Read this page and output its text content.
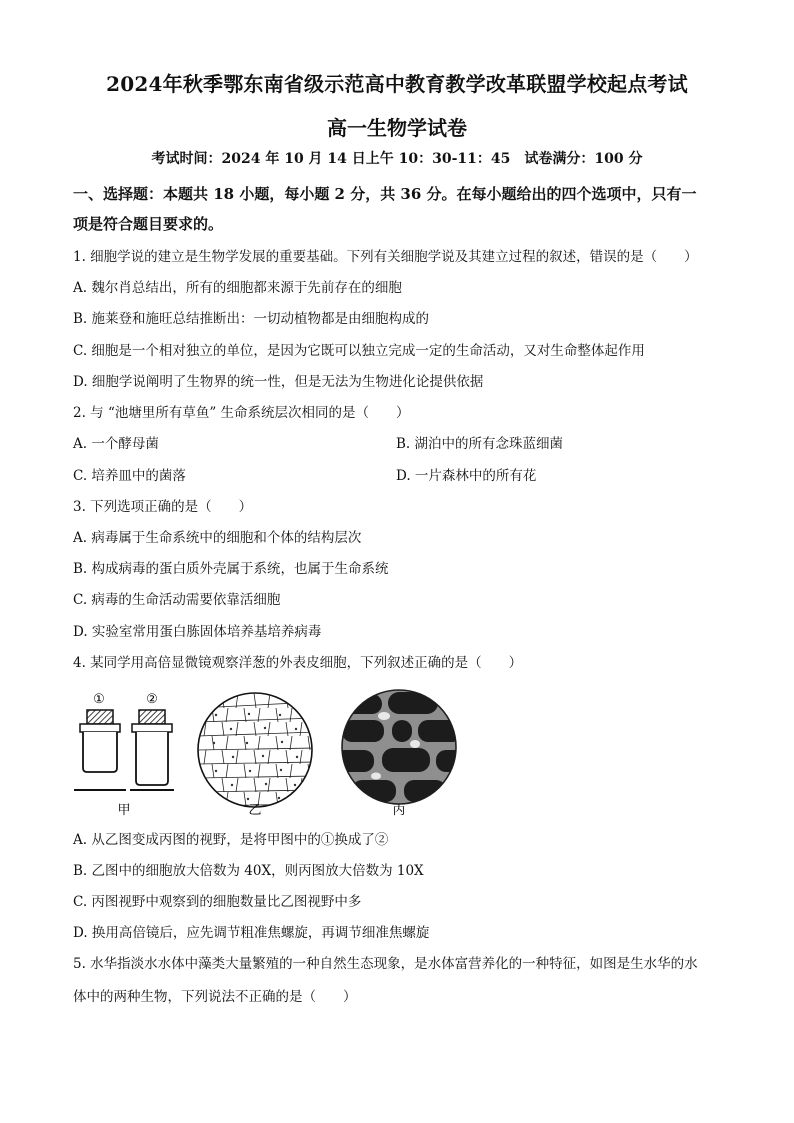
2024年秋季鄂东南省级示范高中教育教学改革联盟学校起点考试
高一生物学试卷
考试时间：2024 年 10 月 14 日上午 10：30-11：45　试卷满分：100 分
一、选择题：本题共 18 小题，每小题 2 分，共 36 分。在每小题给出的四个选项中，只有一
项是符合题目要求的。
1. 细胞学说的建立是生物学发展的重要基础。下列有关细胞学说及其建立过程的叙述，错误的是（　　）
A. 魏尔肖总结出，所有的细胞都来源于先前存在的细胞
B. 施莱登和施旺总结推断出：一切动植物都是由细胞构成的
C. 细胞是一个相对独立的单位，是因为它既可以独立完成一定的生命活动，又对生命整体起作用
D. 细胞学说阐明了生物界的统一性，但是无法为生物进化论提供依据
2. 与 “池塘里所有草鱼” 生命系统层次相同的是（　　）
A. 一个酵母菌	B. 湖泊中的所有念珠蓝细菌
C. 培养皿中的菌落	D. 一片森林中的所有花
3. 下列选项正确的是（　　）
A. 病毒属于生命系统中的细胞和个体的结构层次
B. 构成病毒的蛋白质外壳属于系统，也属于生命系统
C. 病毒的生命活动需要依靠活细胞
D. 实验室常用蛋白胨固体培养基培养病毒
4. 某同学用高倍显微镜观察洋葱的外表皮细胞，下列叙述正确的是（　　）
①	②
甲	乙	丙
A. 从乙图变成丙图的视野，是将甲图中的①换成了②
B. 乙图中的细胞放大倍数为 40X，则丙图放大倍数为 10X
C. 丙图视野中观察到的细胞数量比乙图视野中多
D. 换用高倍镜后，应先调节粗准焦螺旋，再调节细准焦螺旋
5. 水华指淡水水体中藻类大量繁殖的一种自然生态现象，是水体富营养化的一种特征，如图是生水华的水
体中的两种生物，下列说法不正确的是（　　）
